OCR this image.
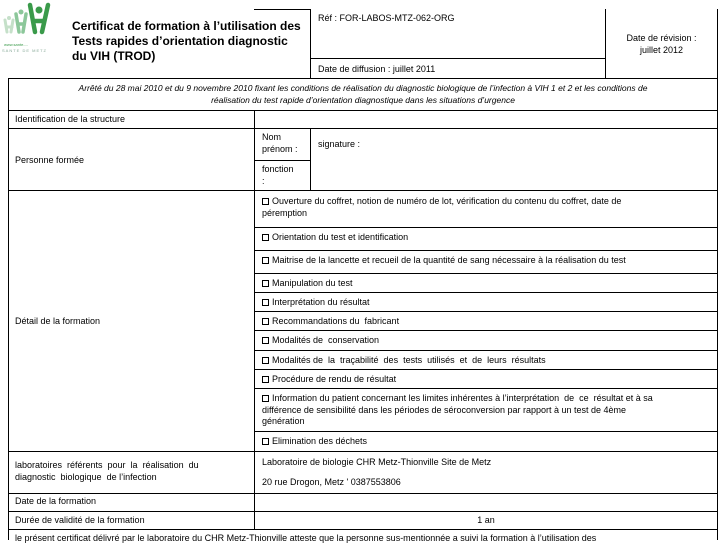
www.sante-...
SANTE DE METZ
Certificat de formation à l’utilisation des
Tests rapides d’orientation diagnostic
du VIH (TROD)
Réf : FOR-LABOS-MTZ-062-ORG
Date de révision :
juillet 2012
Date de diffusion : juillet 2011
Arrêté du 28 mai 2010 et du 9 novembre 2010 fixant les conditions de réalisation du diagnostic biologique de l’infection à VIH 1 et 2 et les conditions de
réalisation du test rapide d’orientation diagnostique dans les situations d’urgence
Identification de la structure
Personne formée
Nom
prénom :
fonction
:
signature :
Détail de la formation
Ouverture du coffret, notion de numéro de lot, vérification du contenu du coffret, date de
péremption
Orientation du test et identification
Maitrise de la lancette et recueil de la quantité de sang nécessaire à la réalisation du test
Manipulation du test
Interprétation du résultat
Recommandations du  fabricant
Modalités de  conservation
Modalités de  la  traçabilité  des  tests  utilisés  et  de  leurs  résultats
Procédure de rendu de résultat
Information du patient concernant les limites inhérentes à l’interprétation  de  ce  résultat et à sa
différence de sensibilité dans les périodes de séroconversion par rapport à un test de 4ème
génération
Elimination des déchets
laboratoires  référents  pour  la  réalisation  du
diagnostic  biologique  de l’infection
Laboratoire de biologie CHR Metz-Thionville Site de Metz
20 rue Drogon, Metz ' 0387553806
Date de la formation
Durée de validité de la formation	1 an
le présent certificat délivré par le laboratoire du CHR Metz-Thionville atteste que la personne sus-mentionnée a suivi la formation à l’utilisation des
